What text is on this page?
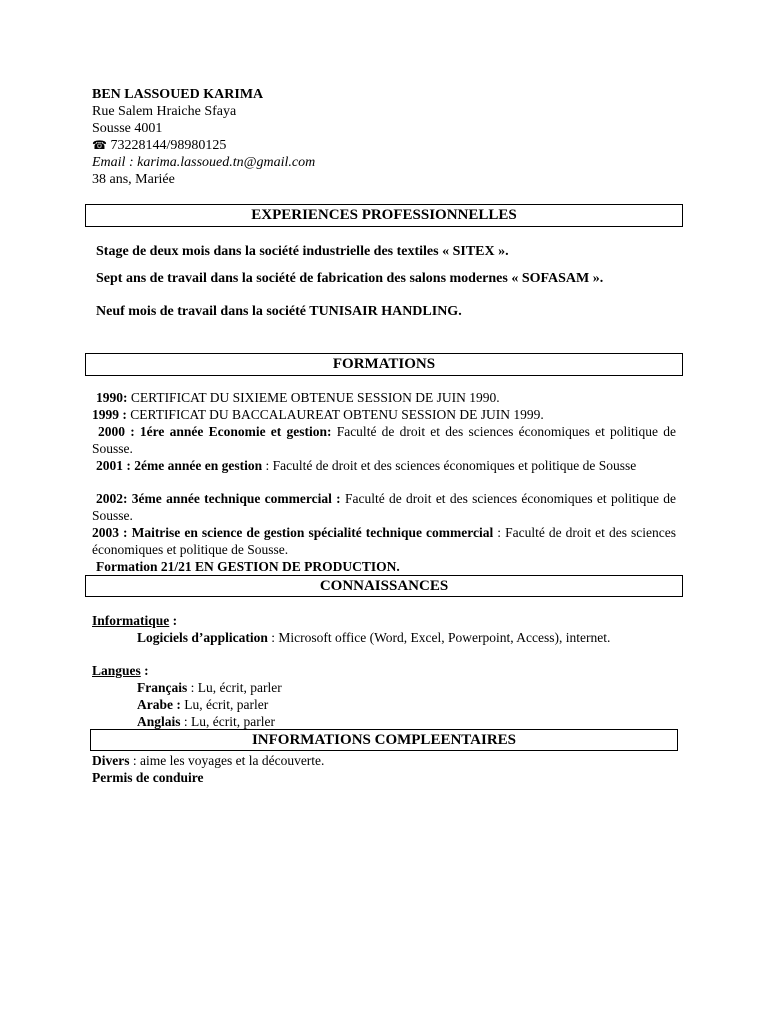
BEN LASSOUED KARIMA
Rue Salem Hraiche Sfaya
Sousse 4001
☎ 73228144/98980125
Email : karima.lassoued.tn@gmail.com
38 ans, Mariée
EXPERIENCES PROFESSIONNELLES
Stage de deux mois dans la société industrielle des textiles « SITEX ».
Sept ans de travail dans la société de fabrication des salons modernes « SOFASAM ».
Neuf mois de travail dans la société TUNISAIR HANDLING.
FORMATIONS
1990: CERTIFICAT DU SIXIEME OBTENUE SESSION DE JUIN 1990.
1999 : CERTIFICAT DU BACCALAUREAT OBTENU SESSION DE JUIN 1999.
2000 : 1ére année Economie et gestion: Faculté de droit et des sciences économiques et politique de Sousse.
2001 : 2éme année en gestion : Faculté de droit et des sciences économiques et politique de Sousse
2002: 3éme année technique commercial : Faculté de droit et des sciences économiques et politique de Sousse.
2003 : Maitrise en science de gestion spécialité technique commercial : Faculté de droit et des sciences économiques et politique de Sousse.
Formation 21/21 EN GESTION DE PRODUCTION.
CONNAISSANCES
Informatique :
Logiciels d’application : Microsoft office (Word, Excel, Powerpoint, Access), internet.
Langues :
Français : Lu, écrit, parler
Arabe : Lu, écrit, parler
Anglais : Lu, écrit, parler
INFORMATIONS COMPLEENTAIRES
Divers : aime les voyages et la découverte.
Permis de conduire
